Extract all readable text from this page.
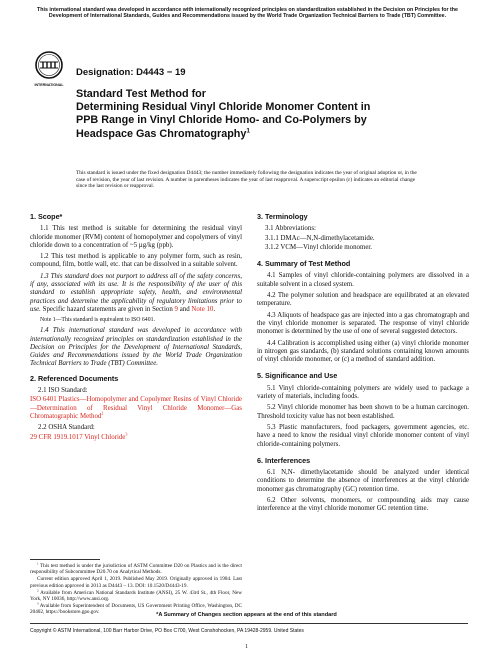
This international standard was developed in accordance with internationally recognized principles on standardization established in the Decision on Principles for the Development of International Standards, Guides and Recommendations issued by the World Trade Organization Technical Barriers to Trade (TBT) Committee.
INTERNATIONAL
Designation: D4443 − 19
Standard Test Method for
Determining Residual Vinyl Chloride Monomer Content in
PPB Range in Vinyl Chloride Homo- and Co-Polymers by
Headspace Gas Chromatography$^1$
This standard is issued under the fixed designation D4443; the number immediately following the designation indicates the year of original adoption or, in the case of revision, the year of last revision. A number in parentheses indicates the year of last reapproval. A superscript epsilon (ε) indicates an editorial change since the last revision or reapproval.
1. Scope*

1.1 This test method is suitable for determining the residual vinyl chloride monomer (RVM) content of homopolymer and copolymers of vinyl chloride down to a concentration of ~5 µg/kg (ppb).

1.2 This test method is applicable to any polymer form, such as resin, compound, film, bottle wall, etc. that can be dissolved in a suitable solvent.

1.3 This standard does not purport to address all of the safety concerns, if any, associated with its use. It is the responsibility of the user of this standard to establish appropriate safety, health, and environmental practices and determine the applicability of regulatory limitations prior to use. Specific hazard statements are given in Section 9 and Note 10.

Note 1—This standard is equivalent to ISO 6401.

1.4 This international standard was developed in accordance with internationally recognized principles on standardization established in the Decision on Principles for the Development of International Standards, Guides and Recommendations issued by the World Trade Organization Technical Barriers to Trade (TBT) Committee.

2. Referenced Documents

2.1 ISO Standard:

ISO 6401 Plastics—Homopolymer and Copolymer Resins of Vinyl Chloride—Determination of Residual Vinyl Chloride Monomer—Gas Chromatographic Method$^2$

2.2 OSHA Standard:

29 CFR 1919.1017 Vinyl Chloride$^3$

$^1$ This test method is under the jurisdiction of ASTM Committee D20 on Plastics and is the direct responsibility of Subcommittee D20.70 on Analytical Methods.

Current edition approved April 1, 2019. Published May 2019. Originally approved in 1984. Last previous edition approved in 2013 as D4443 – 13. DOI: 10.1520/D4443-19.

$^2$ Available from American National Standards Institute (ANSI), 25 W. 43rd St., 4th Floor, New York, NY 10036, http://www.ansi.org.

$^3$ Available from Superintendent of Documents, US Government Printing Office, Washington, DC 20402, https://bookstore.gpo.gov.

3. Terminology

3.1 Abbreviations:

3.1.1 DMAc—N,N-dimethylacetamide.

3.1.2 VCM—Vinyl chloride monomer.

4. Summary of Test Method

4.1 Samples of vinyl chloride-containing polymers are dissolved in a suitable solvent in a closed system.

4.2 The polymer solution and headspace are equilibrated at an elevated temperature.

4.3 Aliquots of headspace gas are injected into a gas chromatograph and the vinyl chloride monomer is separated. The response of vinyl chloride monomer is determined by the use of one of several suggested detectors.

4.4 Calibration is accomplished using either (a) vinyl chloride monomer in nitrogen gas standards, (b) standard solutions containing known amounts of vinyl chloride monomer, or (c) a method of standard addition.

5. Significance and Use

5.1 Vinyl chloride-containing polymers are widely used to package a variety of materials, including foods.

5.2 Vinyl chloride monomer has been shown to be a human carcinogen. Threshold toxicity value has not been established.

5.3 Plastic manufacturers, food packagers, government agencies, etc. have a need to know the residual vinyl chloride monomer content of vinyl chloride-containing polymers.

6. Interferences

6.1 N,N- dimethylacetamide should be analyzed under identical conditions to determine the absence of interferences at the vinyl chloride monomer gas chromatography (GC) retention time.

6.2 Other solvents, monomers, or compounding aids may cause interference at the vinyl chloride monomer GC retention time.

*A Summary of Changes section appears at the end of this standard
Copyright © ASTM International, 100 Barr Harbor Drive, PO Box C700, West Conshohocken, PA 19428-2959. United States
1
